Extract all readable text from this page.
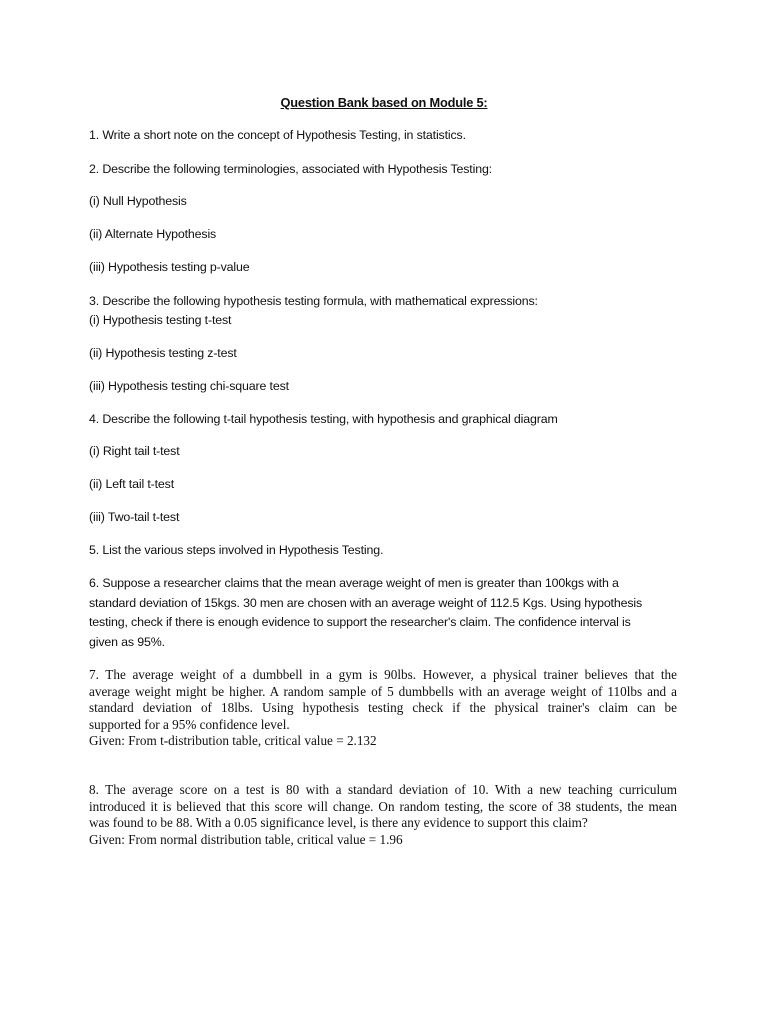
Question Bank based on Module 5:
1. Write a short note on the concept of Hypothesis Testing, in statistics.
2. Describe the following terminologies, associated with Hypothesis Testing:
(i) Null Hypothesis
(ii) Alternate Hypothesis
(iii) Hypothesis testing p-value
3. Describe the following hypothesis testing formula, with mathematical expressions:
(i) Hypothesis testing t-test
(ii) Hypothesis testing z-test
(iii) Hypothesis testing chi-square test
4. Describe the following t-tail hypothesis testing, with hypothesis and graphical diagram
(i) Right tail t-test
(ii) Left tail t-test
(iii) Two-tail t-test
5. List the various steps involved in Hypothesis Testing.
6. Suppose a researcher claims that the mean average weight of men is greater than 100kgs with a
standard deviation of 15kgs. 30 men are chosen with an average weight of 112.5 Kgs. Using hypothesis
testing, check if there is enough evidence to support the researcher's claim. The confidence interval is
given as 95%.
7. The average weight of a dumbbell in a gym is 90lbs. However, a physical trainer believes that the
average weight might be higher. A random sample of 5 dumbbells with an average weight of 110lbs and a
standard deviation of 18lbs. Using hypothesis testing check if the physical trainer's claim can be
supported for a 95% confidence level.
Given: From t-distribution table, critical value = 2.132
8. The average score on a test is 80 with a standard deviation of 10. With a new teaching curriculum
introduced it is believed that this score will change. On random testing, the score of 38 students, the mean
was found to be 88. With a 0.05 significance level, is there any evidence to support this claim?
Given: From normal distribution table, critical value = 1.96
